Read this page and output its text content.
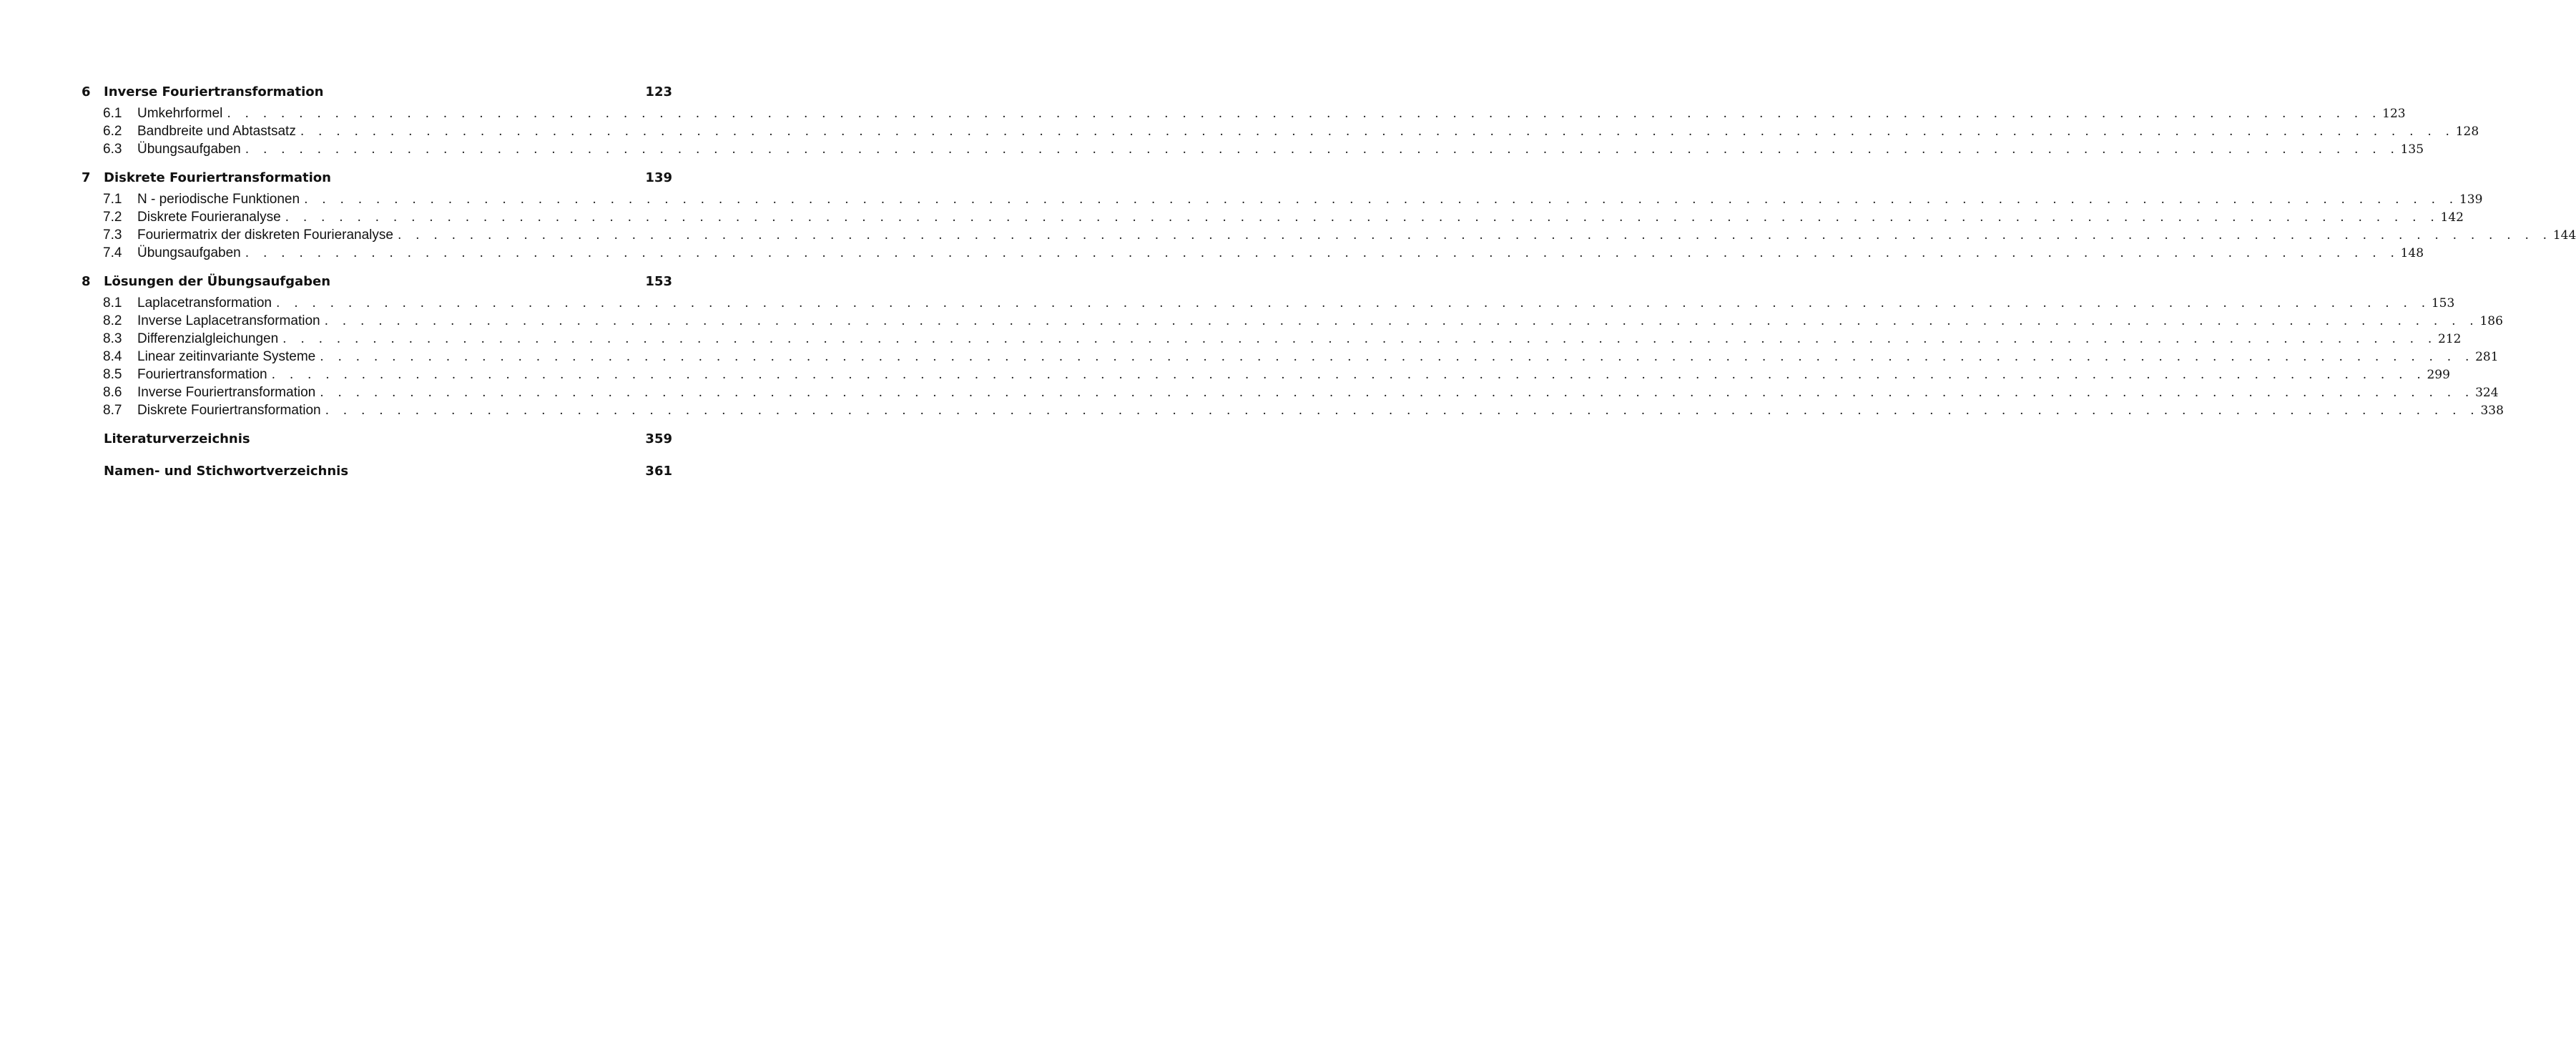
6	Inverse Fouriertransformation	123
6.1	Umkehrformel . . . . . . . . . . . . . . . . . . . . . . . . . . . . . . . . . . . . . . . . . . . . . . . . . . . . . . . . . . . . . . . . . . . . . . . . . . . . . . . . . . . . . . . . . . . . . . . . . . . . . . . . . . . . . . . . . . . . . . . . 123
6.2	Bandbreite und Abtastsatz . . . . . . . . . . . . . . . . . . . . . . . . . . . . . . . . . . . . . . . . . . . . . . . . . . . . . . . . . . . . . . . . . . . . . . . . . . . . . . . . . . . . . . . . . . . . . . . . . . . . . . . . . . . . . . . . . . . . . . . . 128
6.3	Übungsaufgaben . . . . . . . . . . . . . . . . . . . . . . . . . . . . . . . . . . . . . . . . . . . . . . . . . . . . . . . . . . . . . . . . . . . . . . . . . . . . . . . . . . . . . . . . . . . . . . . . . . . . . . . . . . . . . . . . . . . . . . . . 135
7	Diskrete Fouriertransformation	139
7.1	N - periodische Funktionen . . . . . . . . . . . . . . . . . . . . . . . . . . . . . . . . . . . . . . . . . . . . . . . . . . . . . . . . . . . . . . . . . . . . . . . . . . . . . . . . . . . . . . . . . . . . . . . . . . . . . . . . . . . . . . . . . . . . . . . . 139
7.2	Diskrete Fourieranalyse . . . . . . . . . . . . . . . . . . . . . . . . . . . . . . . . . . . . . . . . . . . . . . . . . . . . . . . . . . . . . . . . . . . . . . . . . . . . . . . . . . . . . . . . . . . . . . . . . . . . . . . . . . . . . . . . . . . . . . . . 142
7.3	Fouriermatrix der diskreten Fourieranalyse . . . . . . . . . . . . . . . . . . . . . . . . . . . . . . . . . . . . . . . . . . . . . . . . . . . . . . . . . . . . . . . . . . . . . . . . . . . . . . . . . . . . . . . . . . . . . . . . . . . . . . . . . . . . . . . . . . . . . . . . 144
7.4	Übungsaufgaben . . . . . . . . . . . . . . . . . . . . . . . . . . . . . . . . . . . . . . . . . . . . . . . . . . . . . . . . . . . . . . . . . . . . . . . . . . . . . . . . . . . . . . . . . . . . . . . . . . . . . . . . . . . . . . . . . . . . . . . . 148
8	Lösungen der Übungsaufgaben	153
8.1	Laplacetransformation . . . . . . . . . . . . . . . . . . . . . . . . . . . . . . . . . . . . . . . . . . . . . . . . . . . . . . . . . . . . . . . . . . . . . . . . . . . . . . . . . . . . . . . . . . . . . . . . . . . . . . . . . . . . . . . . . . . . . . . . 153
8.2	Inverse Laplacetransformation . . . . . . . . . . . . . . . . . . . . . . . . . . . . . . . . . . . . . . . . . . . . . . . . . . . . . . . . . . . . . . . . . . . . . . . . . . . . . . . . . . . . . . . . . . . . . . . . . . . . . . . . . . . . . . . . . . . . . . . . 186
8.3	Differenzialgleichungen . . . . . . . . . . . . . . . . . . . . . . . . . . . . . . . . . . . . . . . . . . . . . . . . . . . . . . . . . . . . . . . . . . . . . . . . . . . . . . . . . . . . . . . . . . . . . . . . . . . . . . . . . . . . . . . . . . . . . . . . 212
8.4	Linear zeitinvariante Systeme . . . . . . . . . . . . . . . . . . . . . . . . . . . . . . . . . . . . . . . . . . . . . . . . . . . . . . . . . . . . . . . . . . . . . . . . . . . . . . . . . . . . . . . . . . . . . . . . . . . . . . . . . . . . . . . . . . . . . . . . 281
8.5	Fouriertransformation . . . . . . . . . . . . . . . . . . . . . . . . . . . . . . . . . . . . . . . . . . . . . . . . . . . . . . . . . . . . . . . . . . . . . . . . . . . . . . . . . . . . . . . . . . . . . . . . . . . . . . . . . . . . . . . . . . . . . . . . 299
8.6	Inverse Fouriertransformation . . . . . . . . . . . . . . . . . . . . . . . . . . . . . . . . . . . . . . . . . . . . . . . . . . . . . . . . . . . . . . . . . . . . . . . . . . . . . . . . . . . . . . . . . . . . . . . . . . . . . . . . . . . . . . . . . . . . . . . . 324
8.7	Diskrete Fouriertransformation . . . . . . . . . . . . . . . . . . . . . . . . . . . . . . . . . . . . . . . . . . . . . . . . . . . . . . . . . . . . . . . . . . . . . . . . . . . . . . . . . . . . . . . . . . . . . . . . . . . . . . . . . . . . . . . . . . . . . . . . 338
Literaturverzeichnis	359
Namen- und Stichwortverzeichnis	361
